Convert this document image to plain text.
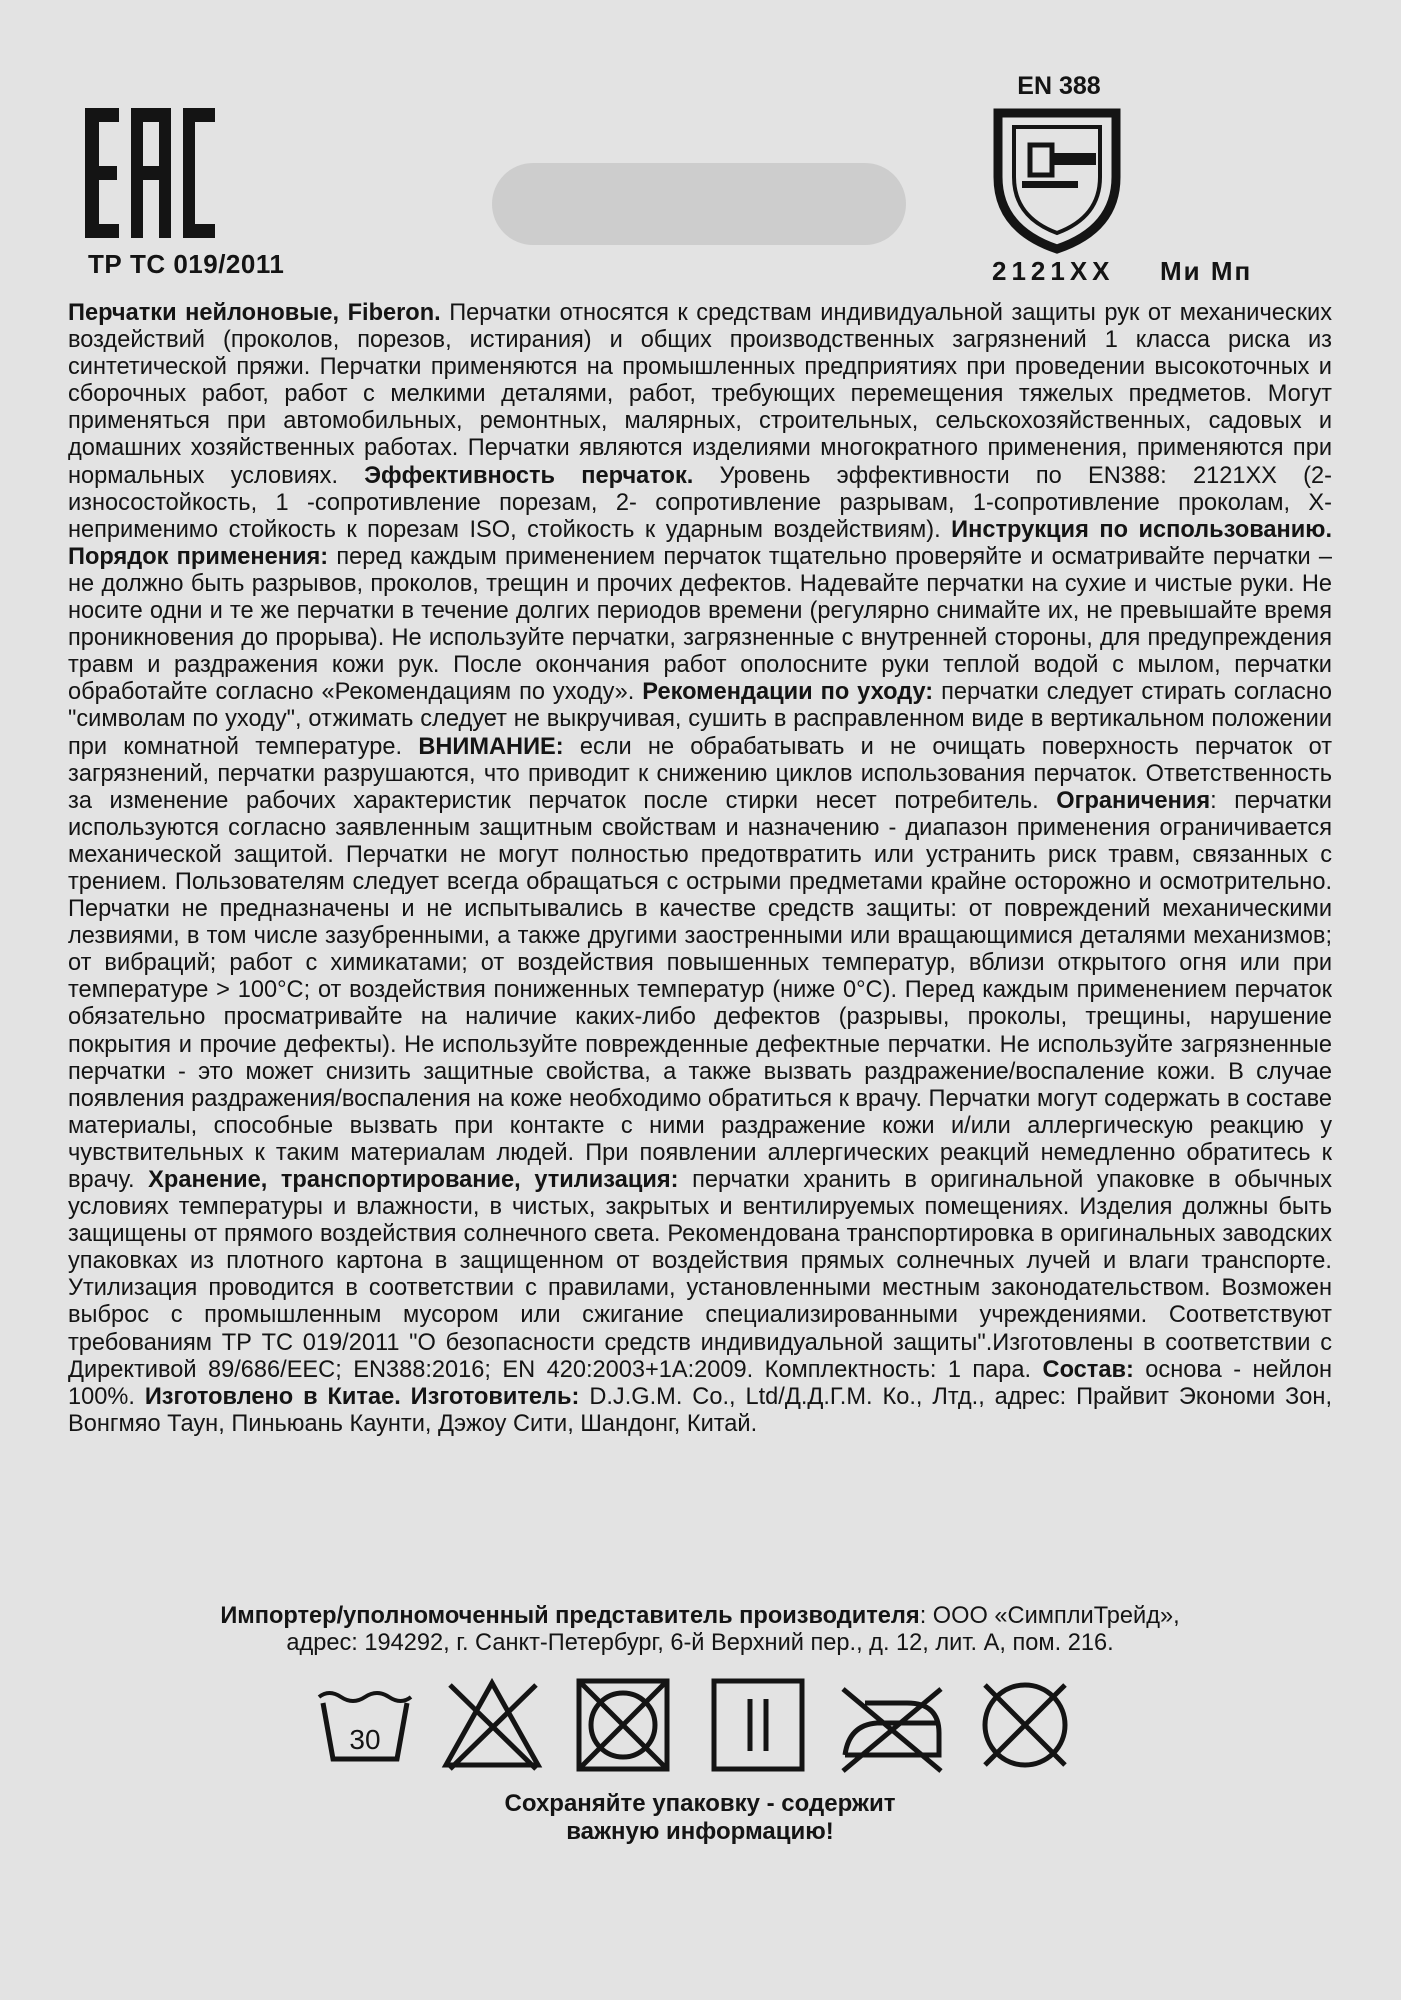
ТР ТС 019/2011
EN 388
2121XX Ми Мп
Перчатки нейлоновые, Fiberon. Перчатки относятся к средствам индивидуальной защиты рук от механических воздействий (проколов, порезов, истирания) и общих производственных загрязнений 1 класса риска из синтетической пряжи. Перчатки применяются на промышленных предприятиях при проведении высокоточных и сборочных работ, работ с мелкими деталями, работ, требующих перемещения тяжелых предметов. Могут применяться при автомобильных, ремонтных, малярных, строительных, сельскохозяйственных, садовых и домашних хозяйственных работах. Перчатки являются изделиями многократного применения, применяются при нормальных условиях. Эффективность перчаток. Уровень эффективности по EN388: 2121XX (2-износостойкость, 1 -сопротивление порезам, 2- сопротивление разрывам, 1-сопротивление проколам, X-неприменимо стойкость к порезам ISO, стойкость к ударным воздействиям). Инструкция по использованию. Порядок применения: перед каждым применением перчаток тщательно проверяйте и осматривайте перчатки – не должно быть разрывов, проколов, трещин и прочих дефектов. Надевайте перчатки на сухие и чистые руки. Не носите одни и те же перчатки в течение долгих периодов времени (регулярно снимайте их, не превышайте время проникновения до прорыва). Не используйте перчатки, загрязненные с внутренней стороны, для предупреждения травм и раздражения кожи рук. После окончания работ ополосните руки теплой водой с мылом, перчатки обработайте согласно «Рекомендациям по уходу». Рекомендации по уходу: перчатки следует стирать согласно "символам по уходу", отжимать следует не выкручивая, сушить в расправленном виде в вертикальном положении при комнатной температуре. ВНИМАНИЕ: если не обрабатывать и не очищать поверхность перчаток от загрязнений, перчатки разрушаются, что приводит к снижению циклов использования перчаток. Ответственность за изменение рабочих характеристик перчаток после стирки несет потребитель. Ограничения: перчатки используются согласно заявленным защитным свойствам и назначению - диапазон применения ограничивается механической защитой. Перчатки не могут полностью предотвратить или устранить риск травм, связанных с трением. Пользователям следует всегда обращаться с острыми предметами крайне осторожно и осмотрительно. Перчатки не предназначены и не испытывались в качестве средств защиты: от повреждений механическими лезвиями, в том числе зазубренными, а также другими заостренными или вращающимися деталями механизмов; от вибраций; работ с химикатами; от воздействия повышенных температур, вблизи открытого огня или при температуре > 100°C; от воздействия пониженных температур (ниже 0°C). Перед каждым применением перчаток обязательно просматривайте на наличие каких-либо дефектов (разрывы, проколы, трещины, нарушение покрытия и прочие дефекты). Не используйте поврежденные дефектные перчатки. Не используйте загрязненные перчатки - это может снизить защитные свойства, а также вызвать раздражение/воспаление кожи. В случае появления раздражения/воспаления на коже необходимо обратиться к врачу. Перчатки могут содержать в составе материалы, способные вызвать при контакте с ними раздражение кожи и/или аллергическую реакцию у чувствительных к таким материалам людей. При появлении аллергических реакций немедленно обратитесь к врачу. Хранение, транспортирование, утилизация: перчатки хранить в оригинальной упаковке в обычных условиях температуры и влажности, в чистых, закрытых и вентилируемых помещениях. Изделия должны быть защищены от прямого воздействия солнечного света. Рекомендована транспортировка в оригинальных заводских упаковках из плотного картона в защищенном от воздействия прямых солнечных лучей и влаги транспорте. Утилизация проводится в соответствии с правилами, установленными местным законодательством. Возможен выброс с промышленным мусором или сжигание специализированными учреждениями. Соответствуют требованиям ТР ТС 019/2011 "О безопасности средств индивидуальной защиты".Изготовлены в соответствии с Директивой 89/686/EEC; EN388:2016; EN 420:2003+1A:2009. Комплектность: 1 пара. Состав: основа - нейлон 100%. Изготовлено в Китае. Изготовитель: D.J.G.M. Co., Ltd/Д.Д.Г.М. Ко., Лтд., адрес: Прайвит Экономи Зон, Вонгмяо Таун, Пиньюань Каунти, Дэжоу Сити, Шандонг, Китай.
Импортер/уполномоченный представитель производителя: ООО «СимплиТрейд»,
адрес: 194292, г. Санкт-Петербург, 6-й Верхний пер., д. 12, лит. А, пом. 216.
30
Сохраняйте упаковку - содержит
важную информацию!
